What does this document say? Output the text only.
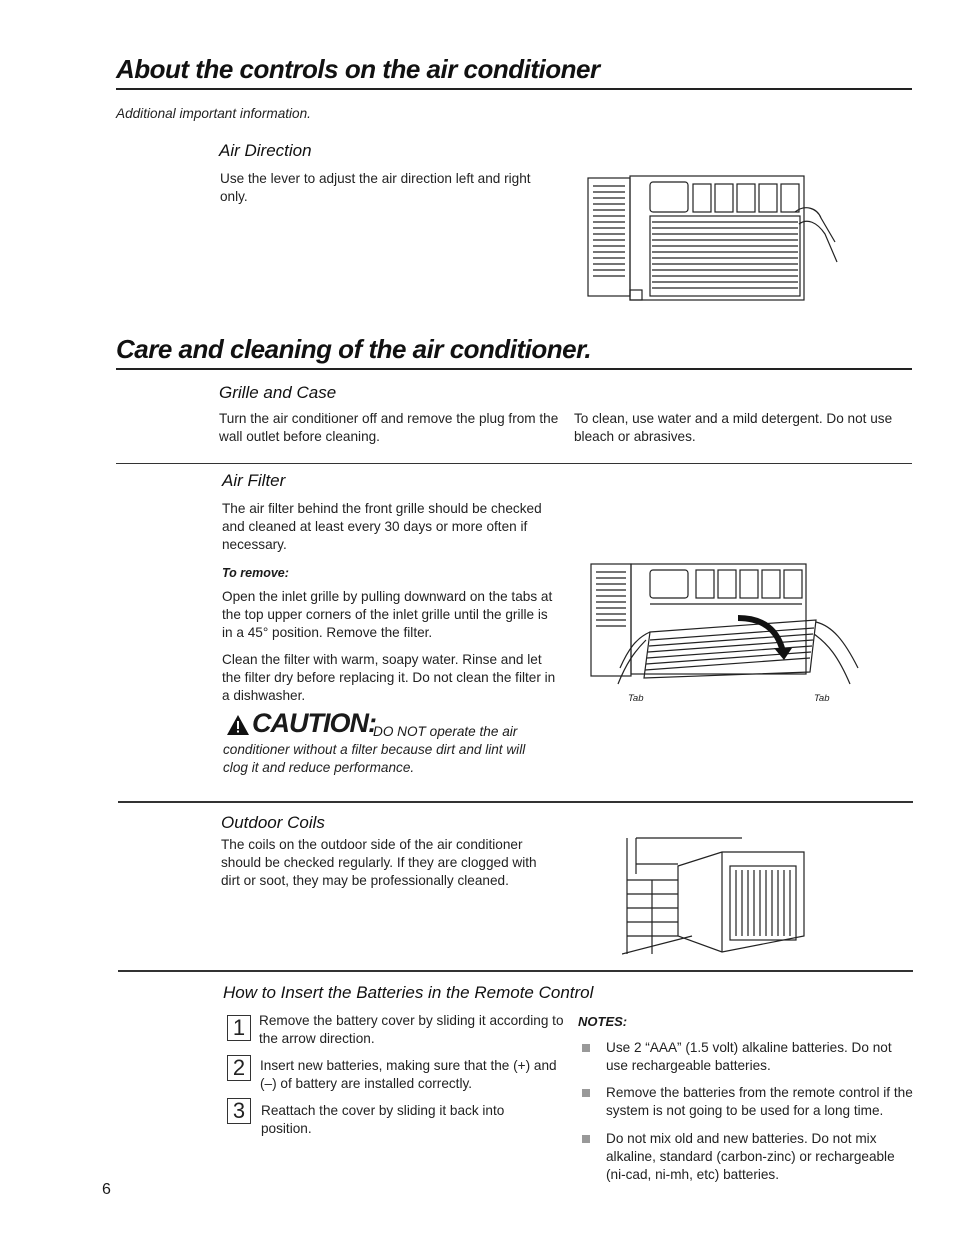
About the controls on the air conditioner
Additional important information.
Air Direction
Use the lever to adjust the air direction left and right only.
Care and cleaning of the air conditioner.
Grille and Case
Turn the air conditioner off and remove the plug from the wall outlet before cleaning.
To clean, use water and a mild detergent. Do not use bleach or abrasives.
Air Filter
The air filter behind the front grille should be checked and cleaned at least every 30 days or more often if necessary.
To remove:
Open the inlet grille by pulling downward on the tabs at the top upper corners of the inlet grille until the grille is in a 45° position. Remove the filter.
Clean the filter with warm, soapy water. Rinse and let the filter dry before replacing it. Do not clean the filter in a dishwasher.
CAUTION:
DO NOT operate the air
conditioner without a filter because dirt and lint will clog it and reduce performance.
Tab	Tab
Outdoor Coils
The coils on the outdoor side of the air conditioner should be checked regularly. If they are clogged with dirt or soot, they may be professionally cleaned.
How to Insert the Batteries in the Remote Control
1	Remove the battery cover by sliding it according to the arrow direction.
2	Insert new batteries, making sure that the (+) and (–) of battery are installed correctly.
3	Reattach the cover by sliding it back into position.
NOTES:
Use 2 “AAA” (1.5 volt) alkaline batteries. Do not use rechargeable batteries.
Remove the batteries from the remote control if the system is not going to be used for a long time.
Do not mix old and new batteries. Do not mix alkaline, standard (carbon-zinc) or rechargeable (ni-cad, ni-mh, etc) batteries.
6
